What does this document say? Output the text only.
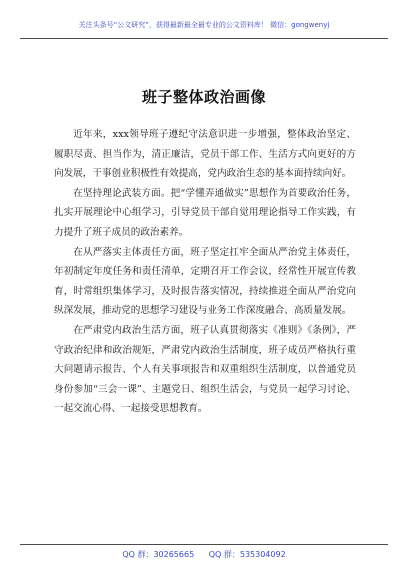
关注头条号“公文研究”，获得最新最全最专业的公文资料库！ 微信：gongwenyj
班子整体政治画像

近年来，xxx领导班子遵纪守法意识进一步增强，整体政治坚定、履职尽责、担当作为，清正廉洁，党员干部工作、生活方式向更好的方向发展，干事创业积极性有效提高，党内政治生态的基本面持续向好。

在坚持理论武装方面。把“学懂弄通做实”思想作为首要政治任务，扎实开展理论中心组学习，引导党员干部自觉用理论指导工作实践，有力提升了班子成员的政治素养。

在从严落实主体责任方面，班子坚定扛牢全面从严治党主体责任，年初制定年度任务和责任清单，定期召开工作会议，经常性开展宣传教育，时常组织集体学习，及时报告落实情况，持续推进全面从严治党向纵深发展，推动党的思想学习建设与业务工作深度融合、高质量发展。

在严肃党内政治生活方面，班子认真贯彻落实《准则》《条例》，严守政治纪律和政治规矩，严肃党内政治生活制度，班子成员严格执行重大问题请示报告、个人有关事项报告和双重组织生活制度，以普通党员身份参加“三会一课”、主题党日、组织生活会，与党员一起学习讨论、一起交流心得、一起接受思想教育。

QQ 群：30265665 QQ 群：535304092
